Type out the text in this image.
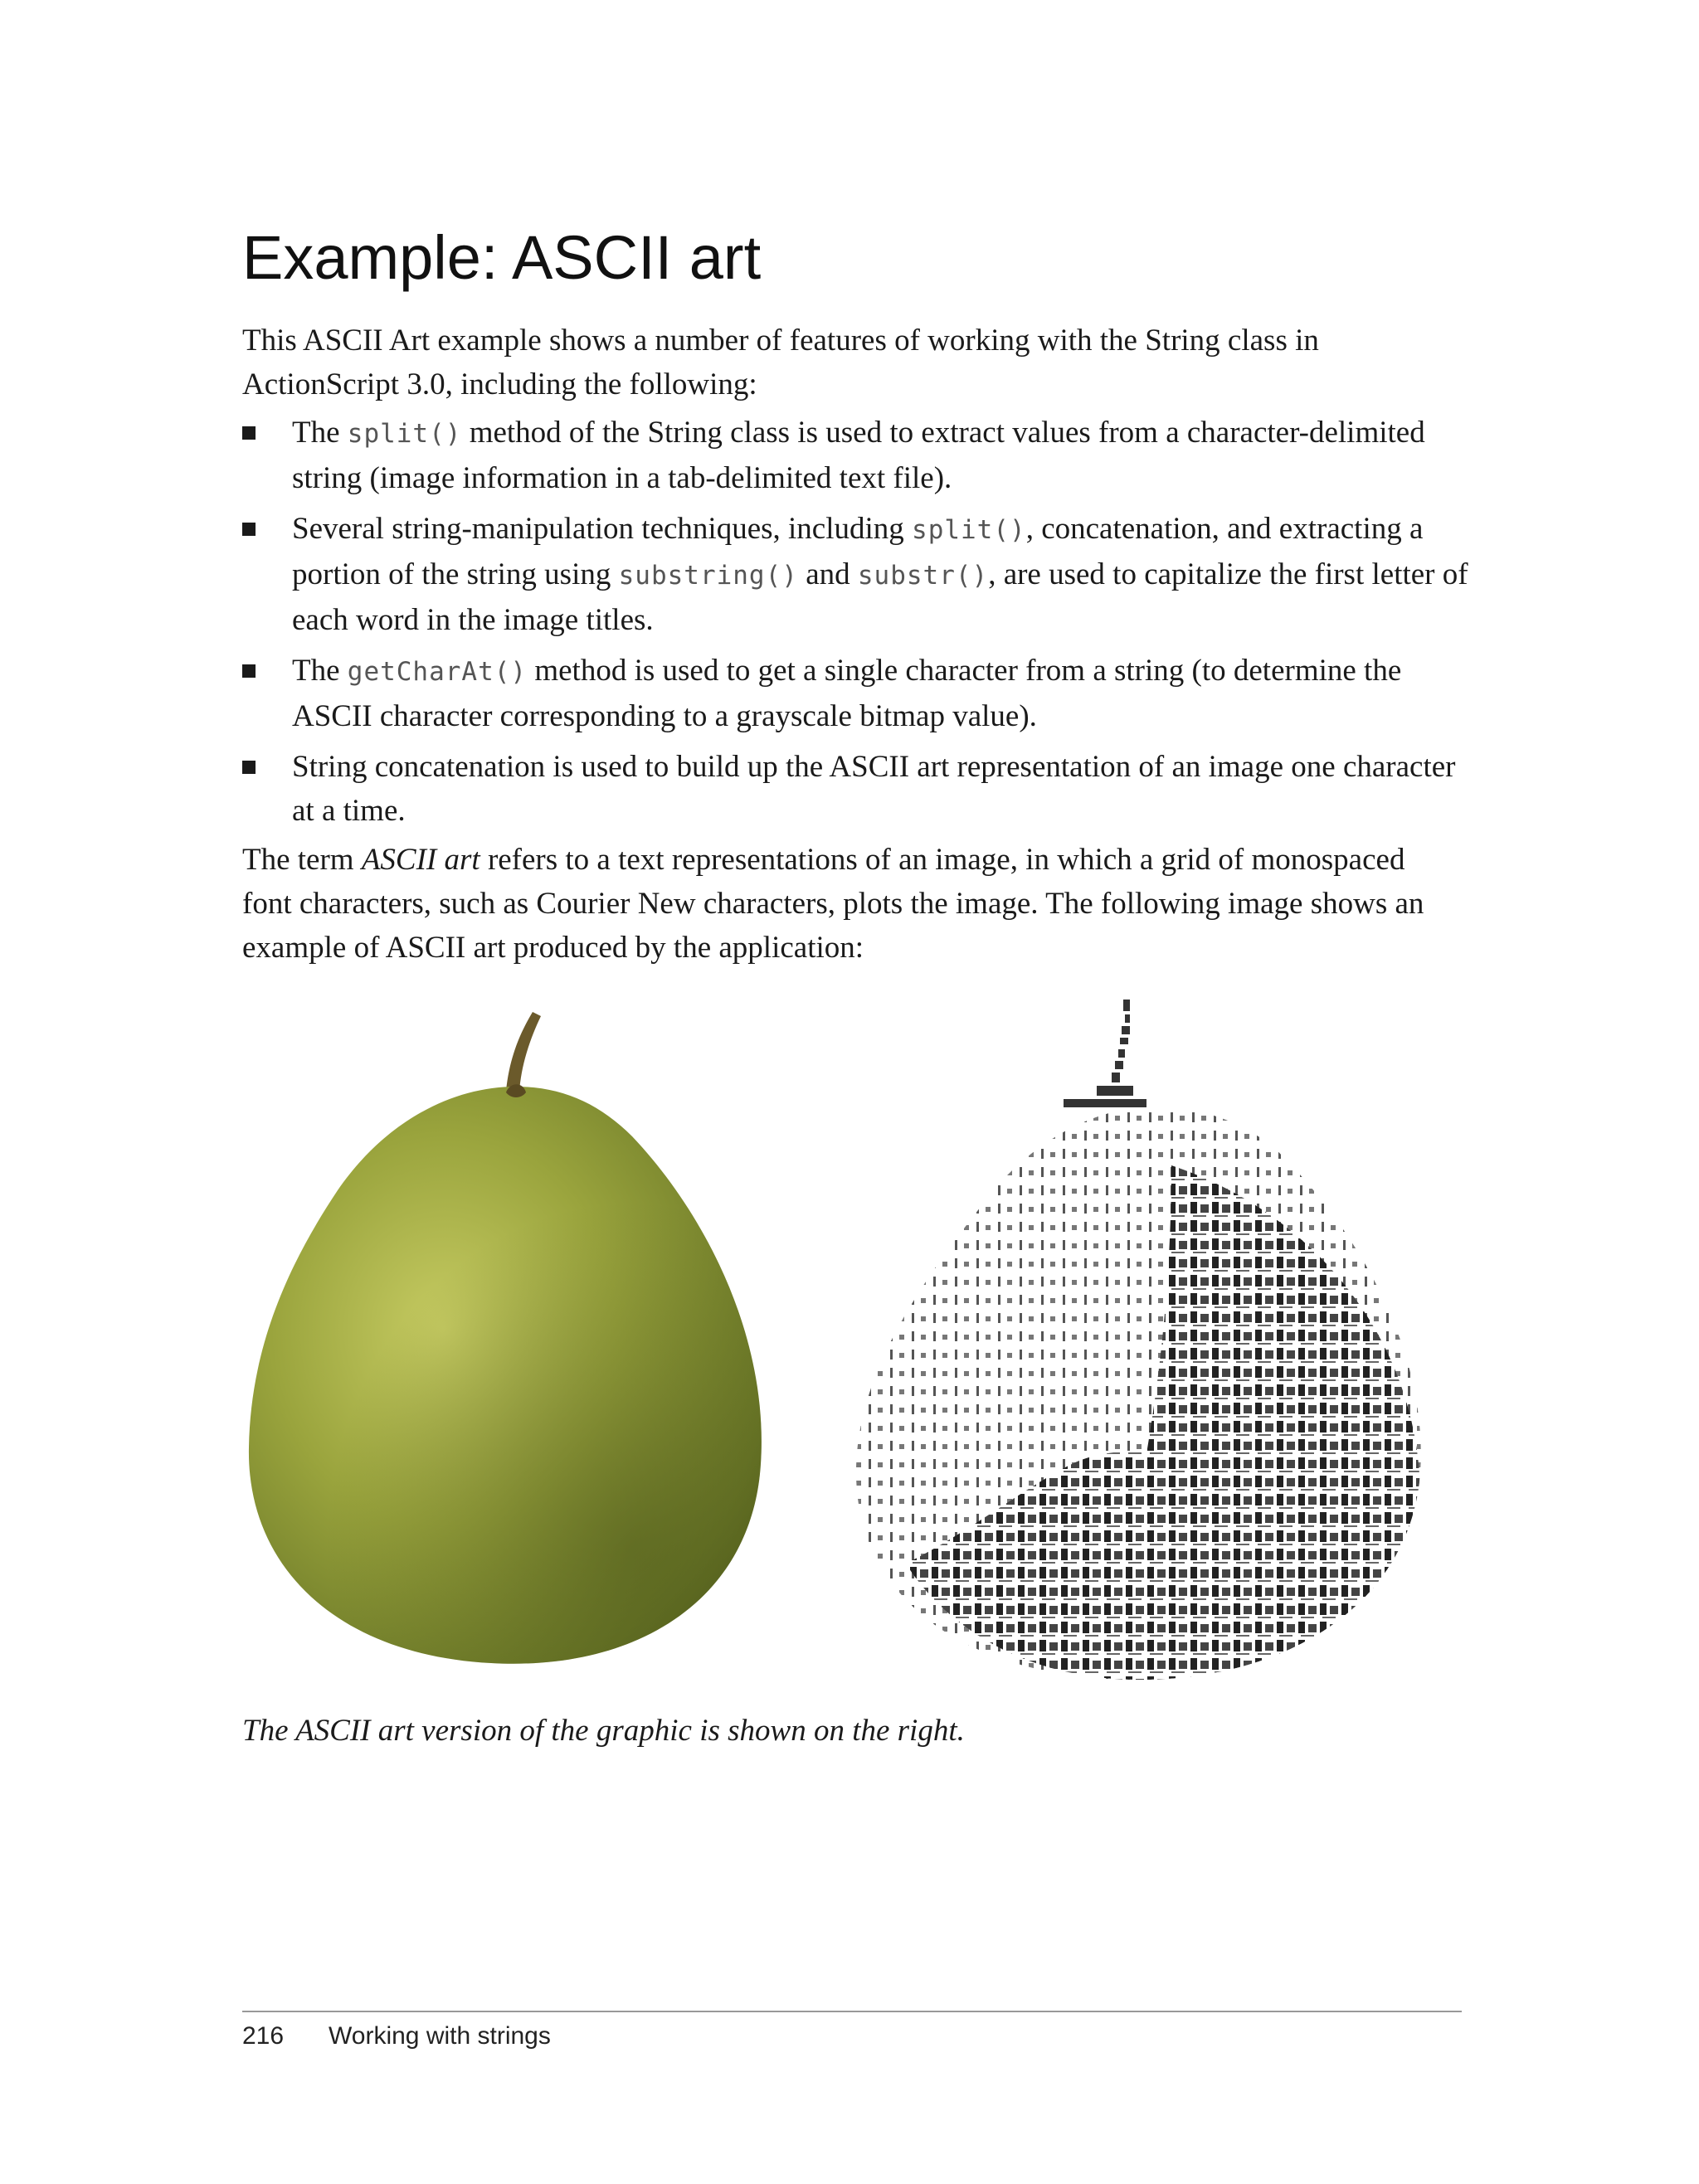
Example: ASCII art

This ASCII Art example shows a number of features of working with the String class in ActionScript 3.0, including the following:

The split() method of the String class is used to extract values from a character-delimited string (image information in a tab-delimited text file).
Several string-manipulation techniques, including split(), concatenation, and extracting a portion of the string using substring() and substr(), are used to capitalize the first letter of each word in the image titles.
The getCharAt() method is used to get a single character from a string (to determine the ASCII character corresponding to a grayscale bitmap value).
String concatenation is used to build up the ASCII art representation of an image one character at a time.

The term ASCII art refers to a text representations of an image, in which a grid of monospaced font characters, such as Courier New characters, plots the image. The following image shows an example of ASCII art produced by the application:

The ASCII art version of the graphic is shown on the right.
216 Working with strings
